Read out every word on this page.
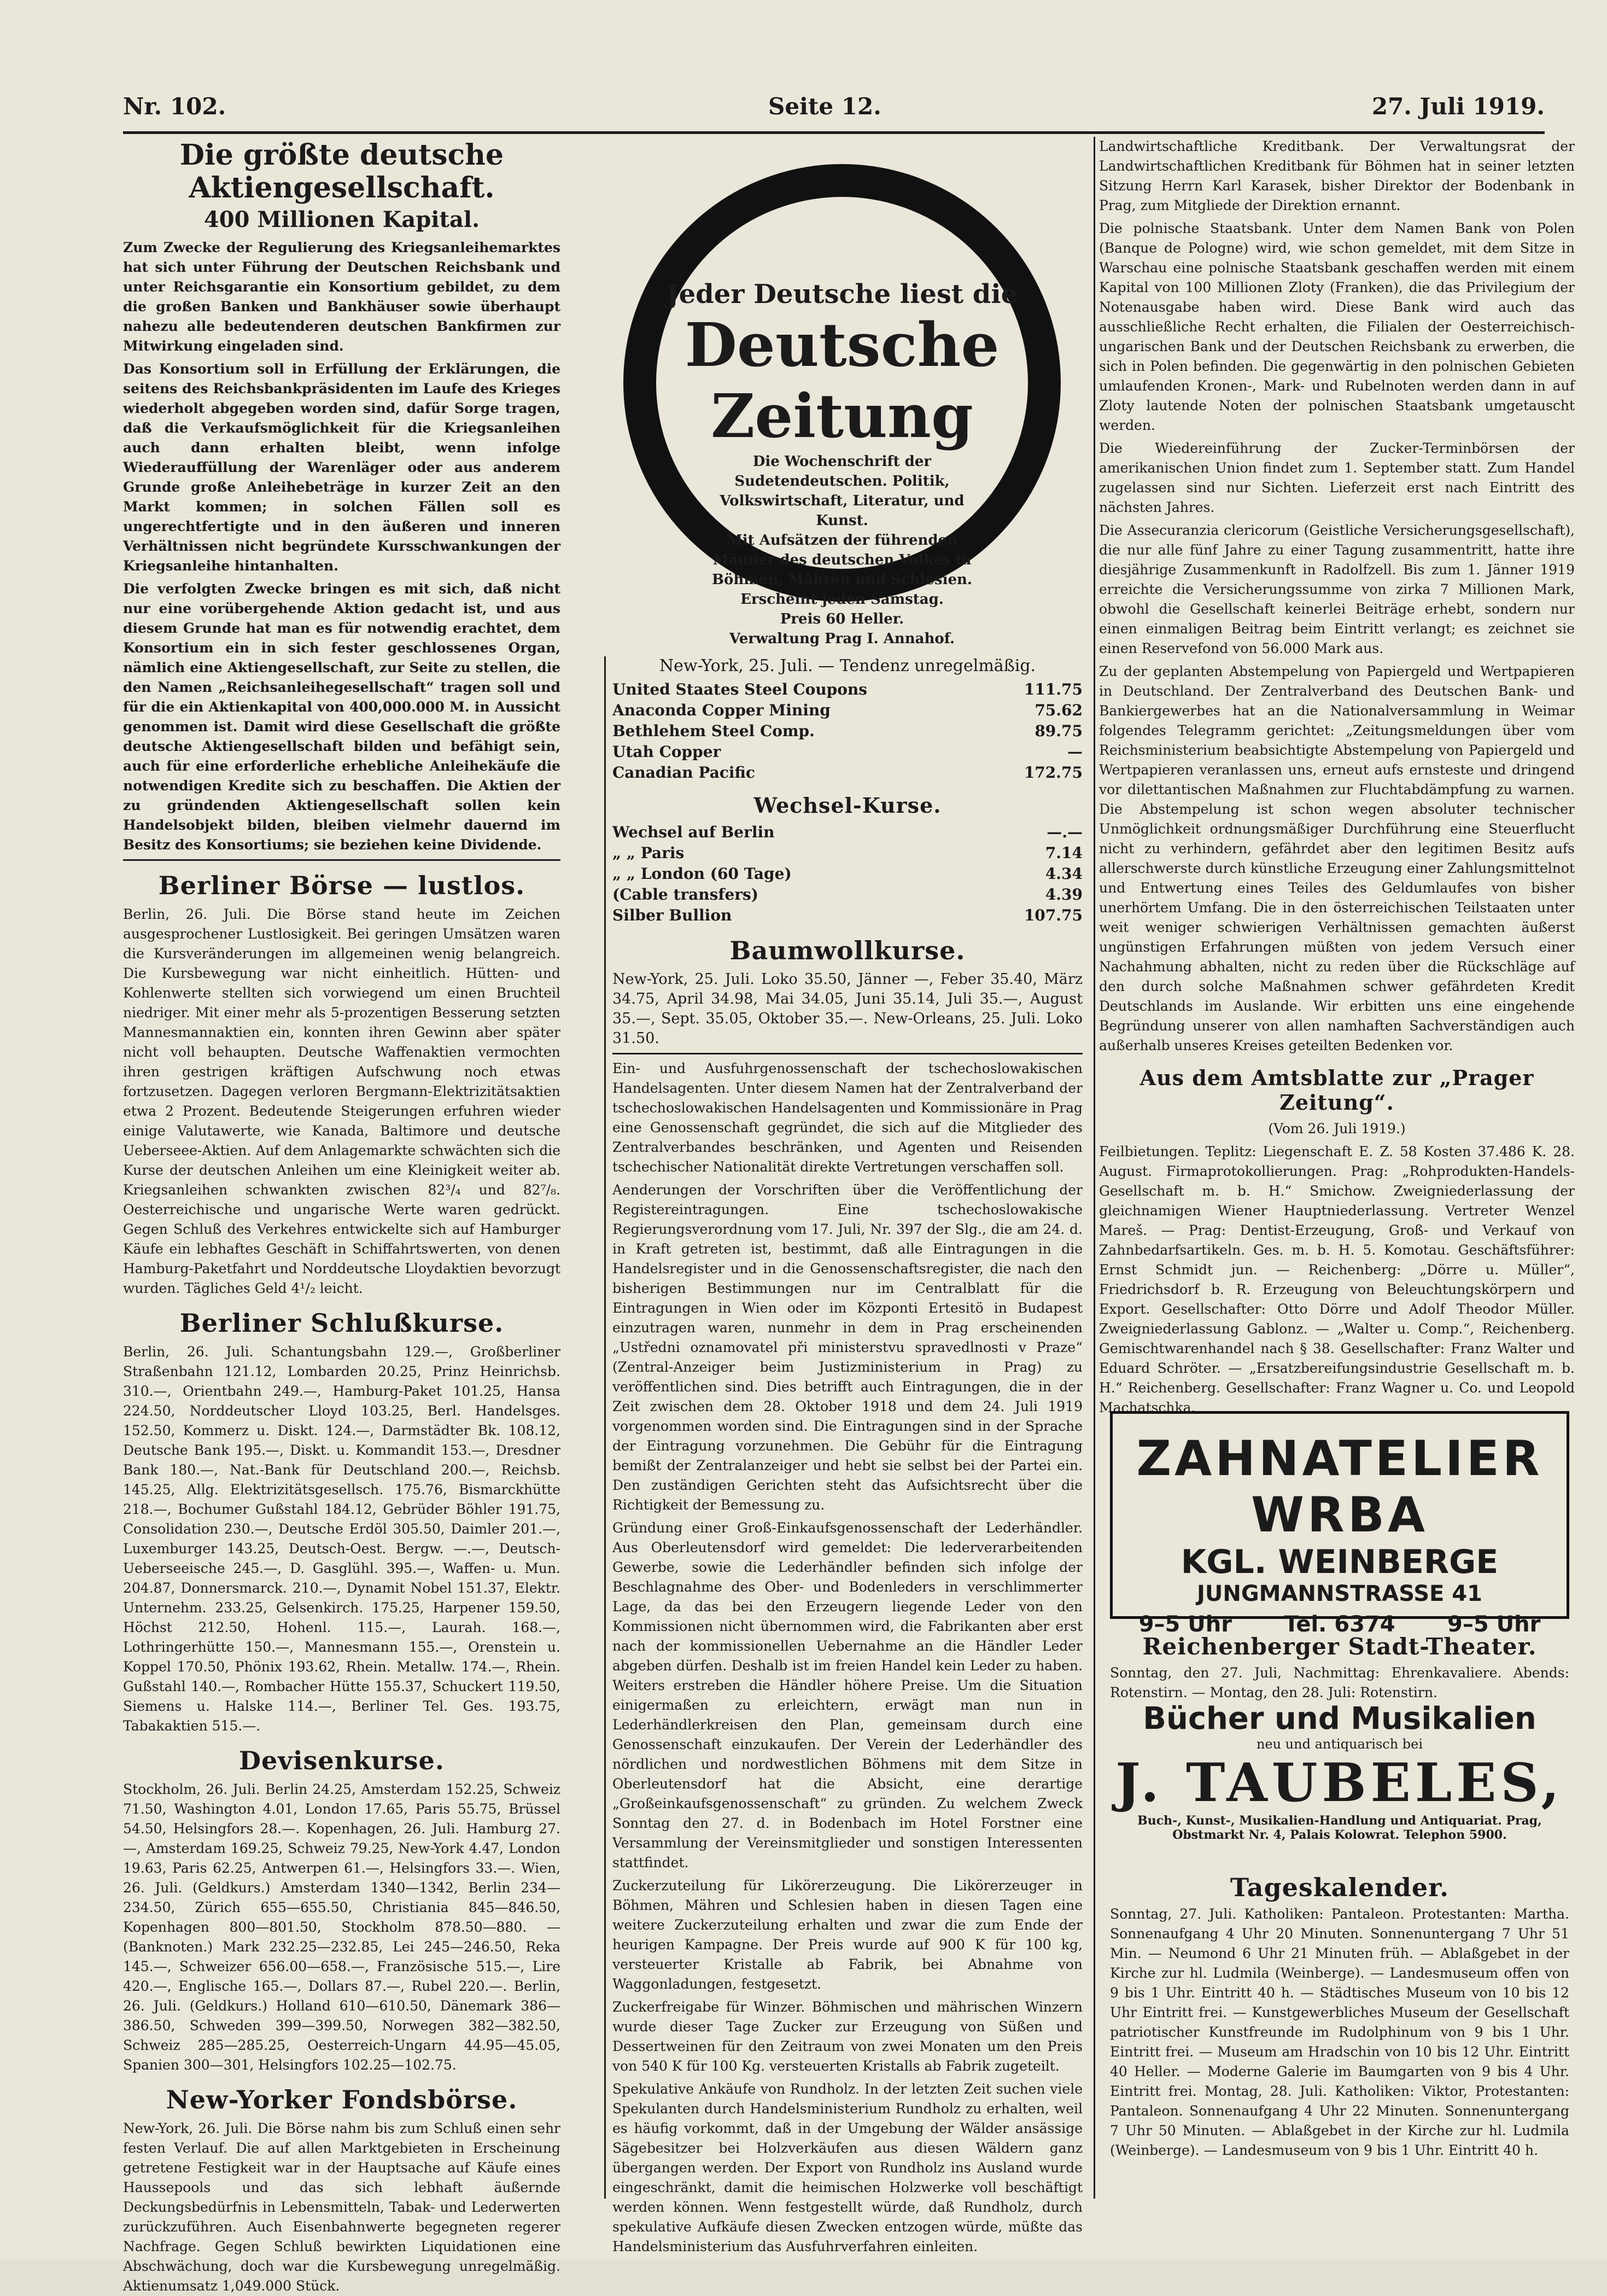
Nr. 102.	Seite 12.	27. Juli 1919.
Die größte deutsche Aktiengesellschaft.
400 Millionen Kapital.

Zum Zwecke der Regulierung des Kriegsanleihemarktes hat sich unter Führung der Deutschen Reichsbank und unter Reichsgarantie ein Konsortium gebildet, zu dem die großen Banken und Bankhäuser sowie überhaupt nahezu alle bedeutenderen deutschen Bankfirmen zur Mitwirkung eingeladen sind.

Das Konsortium soll in Erfüllung der Erklärungen, die seitens des Reichsbankpräsidenten im Laufe des Krieges wiederholt abgegeben worden sind, dafür Sorge tragen, daß die Verkaufsmöglichkeit für die Kriegsanleihen auch dann erhalten bleibt, wenn infolge Wiederauffüllung der Warenläger oder aus anderem Grunde große Anleihebeträge in kurzer Zeit an den Markt kommen; in solchen Fällen soll es ungerechtfertigte und in den äußeren und inneren Verhältnissen nicht begründete Kursschwankungen der Kriegsanleihe hintanhalten.

Die verfolgten Zwecke bringen es mit sich, daß nicht nur eine vorübergehende Aktion gedacht ist, und aus diesem Grunde hat man es für notwendig erachtet, dem Konsortium ein in sich fester geschlossenes Organ, nämlich eine Aktiengesellschaft, zur Seite zu stellen, die den Namen „Reichsanleihegesellschaft“ tragen soll und für die ein Aktienkapital von 400,000.000 M. in Aussicht genommen ist. Damit wird diese Gesellschaft die größte deutsche Aktiengesellschaft bilden und befähigt sein, auch für eine erforderliche erhebliche Anleihekäufe die notwendigen Kredite sich zu beschaffen. Die Aktien der zu gründenden Aktiengesellschaft sollen kein Handelsobjekt bilden, bleiben vielmehr dauernd im Besitz des Konsortiums; sie beziehen keine Dividende.

Berliner Börse — lustlos.

Berlin, 26. Juli. Die Börse stand heute im Zeichen ausgesprochener Lustlosigkeit. Bei geringen Umsätzen waren die Kursveränderungen im allgemeinen wenig belangreich. Die Kursbewegung war nicht einheitlich. Hütten- und Kohlenwerte stellten sich vorwiegend um einen Bruchteil niedriger. Mit einer mehr als 5-prozentigen Besserung setzten Mannesmannaktien ein, konnten ihren Gewinn aber später nicht voll behaupten. Deutsche Waffenaktien vermochten ihren gestrigen kräftigen Aufschwung noch etwas fortzusetzen. Dagegen verloren Bergmann-Elektrizitätsaktien etwa 2 Prozent. Bedeutende Steigerungen erfuhren wieder einige Valutawerte, wie Kanada, Baltimore und deutsche Ueberseee-Aktien. Auf dem Anlagemarkte schwächten sich die Kurse der deutschen Anleihen um eine Kleinigkeit weiter ab. Kriegsanleihen schwankten zwischen 82³/₄ und 82⁷/₈. Oesterreichische und ungarische Werte waren gedrückt. Gegen Schluß des Verkehres entwickelte sich auf Hamburger Käufe ein lebhaftes Geschäft in Schiffahrtswerten, von denen Hamburg-Paketfahrt und Norddeutsche Lloydaktien bevorzugt wurden. Tägliches Geld 4¹/₂ leicht.

Berliner Schlußkurse.

Berlin, 26. Juli. Schantungsbahn 129.—, Großberliner Straßenbahn 121.12, Lombarden 20.25, Prinz Heinrichsb. 310.—, Orientbahn 249.—, Hamburg-Paket 101.25, Hansa 224.50, Norddeutscher Lloyd 103.25, Berl. Handelsges. 152.50, Kommerz u. Diskt. 124.—, Darmstädter Bk. 108.12, Deutsche Bank 195.—, Diskt. u. Kommandit 153.—, Dresdner Bank 180.—, Nat.-Bank für Deutschland 200.—, Reichsb. 145.25, Allg. Elektrizitätsgesellsch. 175.76, Bismarckhütte 218.—, Bochumer Gußstahl 184.12, Gebrüder Böhler 191.75, Consolidation 230.—, Deutsche Erdöl 305.50, Daimler 201.—, Luxemburger 143.25, Deutsch-Oest. Bergw. —.—, Deutsch-Ueberseeische 245.—, D. Gasglühl. 395.—, Waffen- u. Mun. 204.87, Donnersmarck. 210.—, Dynamit Nobel 151.37, Elektr. Unternehm. 233.25, Gelsenkirch. 175.25, Harpener 159.50, Höchst 212.50, Hohenl. 115.—, Laurah. 168.—, Lothringerhütte 150.—, Mannesmann 155.—, Orenstein u. Koppel 170.50, Phönix 193.62, Rhein. Metallw. 174.—, Rhein. Gußstahl 140.—, Rombacher Hütte 155.37, Schuckert 119.50, Siemens u. Halske 114.—, Berliner Tel. Ges. 193.75, Tabakaktien 515.—.

Devisenkurse.

Stockholm, 26. Juli. Berlin 24.25, Amsterdam 152.25, Schweiz 71.50, Washington 4.01, London 17.65, Paris 55.75, Brüssel 54.50, Helsingfors 28.—. Kopenhagen, 26. Juli. Hamburg 27.—, Amsterdam 169.25, Schweiz 79.25, New-York 4.47, London 19.63, Paris 62.25, Antwerpen 61.—, Helsingfors 33.—. Wien, 26. Juli. (Geldkurs.) Amsterdam 1340—1342, Berlin 234—234.50, Zürich 655—655.50, Christiania 845—846.50, Kopenhagen 800—801.50, Stockholm 878.50—880. — (Banknoten.) Mark 232.25—232.85, Lei 245—246.50, Reka 145.—, Schweizer 656.00—658.—, Französische 515.—, Lire 420.—, Englische 165.—, Dollars 87.—, Rubel 220.—. Berlin, 26. Juli. (Geldkurs.) Holland 610—610.50, Dänemark 386—386.50, Schweden 399—399.50, Norwegen 382—382.50, Schweiz 285—285.25, Oesterreich-Ungarn 44.95—45.05, Spanien 300—301, Helsingfors 102.25—102.75.

New-Yorker Fondsbörse.

New-York, 26. Juli. Die Börse nahm bis zum Schluß einen sehr festen Verlauf. Die auf allen Marktgebieten in Erscheinung getretene Festigkeit war in der Hauptsache auf Käufe eines Haussepools und das sich lebhaft äußernde Deckungsbedürfnis in Lebensmitteln, Tabak- und Lederwerten zurückzuführen. Auch Eisenbahnwerte begegneten regerer Nachfrage. Gegen Schluß bewirkten Liquidationen eine Abschwächung, doch war die Kursbewegung unregelmäßig. Aktienumsatz 1,049.000 Stück.

Jeder Deutsche liest die
Deutsche Zeitung
Die Wochenschrift der Sudetendeutschen. Politik, Volkswirtschaft, Literatur, und Kunst.
Mit Aufsätzen der führenden Männer des deutschen Volkes in Böhmen, Mähren und Schlesien.
Erscheint jeden Samstag.
Preis 60 Heller.
Verwaltung Prag I. Annahof.

New-York, 25. Juli. — Tendenz unregelmäßig.

United Staates Steel Coupons	111.75
Anaconda Copper Mining	75.62
Bethlehem Steel Comp.	89.75
Utah Copper	—
Canadian Pacific	172.75
Wechsel-Kurse.
Wechsel auf Berlin	—.—
„ „ Paris	7.14
„ „ London (60 Tage)	4.34
(Cable transfers)	4.39
Silber Bullion	107.75
Baumwollkurse.

New-York, 25. Juli. Loko 35.50, Jänner —, Feber 35.40, März 34.75, April 34.98, Mai 34.05, Juni 35.14, Juli 35.—, August 35.—, Sept. 35.05, Oktober 35.—. New-Orleans, 25. Juli. Loko 31.50.

Ein- und Ausfuhrgenossenschaft der tschechoslowakischen Handelsagenten. Unter diesem Namen hat der Zentralverband der tschechoslowakischen Handelsagenten und Kommissionäre in Prag eine Genossenschaft gegründet, die sich auf die Mitglieder des Zentralverbandes beschränken, und Agenten und Reisenden tschechischer Nationalität direkte Vertretungen verschaffen soll.

Aenderungen der Vorschriften über die Veröffentlichung der Registereintragungen. Eine tschechoslowakische Regierungsverordnung vom 17. Juli, Nr. 397 der Slg., die am 24. d. in Kraft getreten ist, bestimmt, daß alle Eintragungen in die Handelsregister und in die Genossenschaftsregister, die nach den bisherigen Bestimmungen nur im Centralblatt für die Eintragungen in Wien oder im Központi Ertesitö in Budapest einzutragen waren, nunmehr in dem in Prag erscheinenden „Ustředni oznamovatel při ministerstvu spravedlnosti v Praze“ (Zentral-Anzeiger beim Justizministerium in Prag) zu veröffentlichen sind. Dies betrifft auch Eintragungen, die in der Zeit zwischen dem 28. Oktober 1918 und dem 24. Juli 1919 vorgenommen worden sind. Die Eintragungen sind in der Sprache der Eintragung vorzunehmen. Die Gebühr für die Eintragung bemißt der Zentralanzeiger und hebt sie selbst bei der Partei ein. Den zuständigen Gerichten steht das Aufsichtsrecht über die Richtigkeit der Bemessung zu.

Gründung einer Groß-Einkaufsgenossenschaft der Lederhändler. Aus Oberleutensdorf wird gemeldet: Die lederverarbeitenden Gewerbe, sowie die Lederhändler befinden sich infolge der Beschlagnahme des Ober- und Bodenleders in verschlimmerter Lage, da das bei den Erzeugern liegende Leder von den Kommissionen nicht übernommen wird, die Fabrikanten aber erst nach der kommissionellen Uebernahme an die Händler Leder abgeben dürfen. Deshalb ist im freien Handel kein Leder zu haben. Weiters erstreben die Händler höhere Preise. Um die Situation einigermaßen zu erleichtern, erwägt man nun in Lederhändlerkreisen den Plan, gemeinsam durch eine Genossenschaft einzukaufen. Der Verein der Lederhändler des nördlichen und nordwestlichen Böhmens mit dem Sitze in Oberleutensdorf hat die Absicht, eine derartige „Großeinkaufsgenossenschaft“ zu gründen. Zu welchem Zweck Sonntag den 27. d. in Bodenbach im Hotel Forstner eine Versammlung der Vereinsmitglieder und sonstigen Interessenten stattfindet.

Zuckerzuteilung für Likörerzeugung. Die Likörerzeuger in Böhmen, Mähren und Schlesien haben in diesen Tagen eine weitere Zuckerzuteilung erhalten und zwar die zum Ende der heurigen Kampagne. Der Preis wurde auf 900 K für 100 kg, versteuerter Kristalle ab Fabrik, bei Abnahme von Waggonladungen, festgesetzt.

Zuckerfreigabe für Winzer. Böhmischen und mährischen Winzern wurde dieser Tage Zucker zur Erzeugung von Süßen und Dessertweinen für den Zeitraum von zwei Monaten um den Preis von 540 K für 100 Kg. versteuerten Kristalls ab Fabrik zugeteilt.

Spekulative Ankäufe von Rundholz. In der letzten Zeit suchen viele Spekulanten durch Handelsministerium Rundholz zu erhalten, weil es häufig vorkommt, daß in der Umgebung der Wälder ansässige Sägebesitzer bei Holzverkäufen aus diesen Wäldern ganz übergangen werden. Der Export von Rundholz ins Ausland wurde eingeschränkt, damit die heimischen Holzwerke voll beschäftigt werden können. Wenn festgestellt würde, daß Rundholz, durch spekulative Aufkäufe diesen Zwecken entzogen würde, müßte das Handelsministerium das Ausfuhrverfahren einleiten.

Landwirtschaftliche Kreditbank. Der Verwaltungsrat der Landwirtschaftlichen Kreditbank für Böhmen hat in seiner letzten Sitzung Herrn Karl Karasek, bisher Direktor der Bodenbank in Prag, zum Mitgliede der Direktion ernannt.

Die polnische Staatsbank. Unter dem Namen Bank von Polen (Banque de Pologne) wird, wie schon gemeldet, mit dem Sitze in Warschau eine polnische Staatsbank geschaffen werden mit einem Kapital von 100 Millionen Zloty (Franken), die das Privilegium der Notenausgabe haben wird. Diese Bank wird auch das ausschließliche Recht erhalten, die Filialen der Oesterreichisch-ungarischen Bank und der Deutschen Reichsbank zu erwerben, die sich in Polen befinden. Die gegenwärtig in den polnischen Gebieten umlaufenden Kronen-, Mark- und Rubelnoten werden dann in auf Zloty lautende Noten der polnischen Staatsbank umgetauscht werden.

Die Wiedereinführung der Zucker-Terminbörsen der amerikanischen Union findet zum 1. September statt. Zum Handel zugelassen sind nur Sichten. Lieferzeit erst nach Eintritt des nächsten Jahres.

Die Assecuranzia clericorum (Geistliche Versicherungsgesellschaft), die nur alle fünf Jahre zu einer Tagung zusammentritt, hatte ihre diesjährige Zusammenkunft in Radolfzell. Bis zum 1. Jänner 1919 erreichte die Versicherungssumme von zirka 7 Millionen Mark, obwohl die Gesellschaft keinerlei Beiträge erhebt, sondern nur einen einmaligen Beitrag beim Eintritt verlangt; es zeichnet sie einen Reservefond von 56.000 Mark aus.

Zu der geplanten Abstempelung von Papiergeld und Wertpapieren in Deutschland. Der Zentralverband des Deutschen Bank- und Bankiergewerbes hat an die Nationalversammlung in Weimar folgendes Telegramm gerichtet: „Zeitungsmeldungen über vom Reichsministerium beabsichtigte Abstempelung von Papiergeld und Wertpapieren veranlassen uns, erneut aufs ernsteste und dringend vor dilettantischen Maßnahmen zur Fluchtabdämpfung zu warnen. Die Abstempelung ist schon wegen absoluter technischer Unmöglichkeit ordnungsmäßiger Durchführung eine Steuerflucht nicht zu verhindern, gefährdet aber den legitimen Besitz aufs allerschwerste durch künstliche Erzeugung einer Zahlungsmittelnot und Entwertung eines Teiles des Geldumlaufes von bisher unerhörtem Umfang. Die in den österreichischen Teilstaaten unter weit weniger schwierigen Verhältnissen gemachten äußerst ungünstigen Erfahrungen müßten von jedem Versuch einer Nachahmung abhalten, nicht zu reden über die Rückschläge auf den durch solche Maßnahmen schwer gefährdeten Kredit Deutschlands im Auslande. Wir erbitten uns eine eingehende Begründung unserer von allen namhaften Sachverständigen auch außerhalb unseres Kreises geteilten Bedenken vor.

Aus dem Amtsblatte zur „Prager Zeitung“.

(Vom 26. Juli 1919.)

Feilbietungen. Teplitz: Liegenschaft E. Z. 58 Kosten 37.486 K. 28. August. Firmaprotokollierungen. Prag: „Rohprodukten-Handels-Gesellschaft m. b. H.“ Smichow. Zweigniederlassung der gleichnamigen Wiener Hauptniederlassung. Vertreter Wenzel Mareš. — Prag: Dentist-Erzeugung, Groß- und Verkauf von Zahnbedarfsartikeln. Ges. m. b. H. 5. Komotau. Geschäftsführer: Ernst Schmidt jun. — Reichenberg: „Dörre u. Müller“, Friedrichsdorf b. R. Erzeugung von Beleuchtungskörpern und Export. Gesellschafter: Otto Dörre und Adolf Theodor Müller. Zweigniederlassung Gablonz. — „Walter u. Comp.“, Reichenberg. Gemischtwarenhandel nach § 38. Gesellschafter: Franz Walter und Eduard Schröter. — „Ersatzbereifungsindustrie Gesellschaft m. b. H.“ Reichenberg. Gesellschafter: Franz Wagner u. Co. und Leopold Machatschka.

ZAHNATELIER WRBA
KGL. WEINBERGE
JUNGMANNSTRASSE 41
9–5 Uhr Tel. 6374 9–5 Uhr
Reichenberger Stadt-Theater.

Sonntag, den 27. Juli, Nachmittag: Ehrenkavaliere. Abends: Rotenstirn. — Montag, den 28. Juli: Rotenstirn.

Bücher und Musikalien
neu und antiquarisch bei
J. TAUBELES,
Buch-, Kunst-, Musikalien-Handlung und Antiquariat. Prag, Obstmarkt Nr. 4, Palais Kolowrat. Telephon 5900.
Tageskalender.

Sonntag, 27. Juli. Katholiken: Pantaleon. Protestanten: Martha. Sonnenaufgang 4 Uhr 20 Minuten. Sonnenuntergang 7 Uhr 51 Min. — Neumond 6 Uhr 21 Minuten früh. — Ablaßgebet in der Kirche zur hl. Ludmila (Weinberge). — Landesmuseum offen von 9 bis 1 Uhr. Eintritt 40 h. — Städtisches Museum von 10 bis 12 Uhr Eintritt frei. — Kunstgewerbliches Museum der Gesellschaft patriotischer Kunstfreunde im Rudolphinum von 9 bis 1 Uhr. Eintritt frei. — Museum am Hradschin von 10 bis 12 Uhr. Eintritt 40 Heller. — Moderne Galerie im Baumgarten von 9 bis 4 Uhr. Eintritt frei. Montag, 28. Juli. Katholiken: Viktor, Protestanten: Pantaleon. Sonnenaufgang 4 Uhr 22 Minuten. Sonnenuntergang 7 Uhr 50 Minuten. — Ablaßgebet in der Kirche zur hl. Ludmila (Weinberge). — Landesmuseum von 9 bis 1 Uhr. Eintritt 40 h.
